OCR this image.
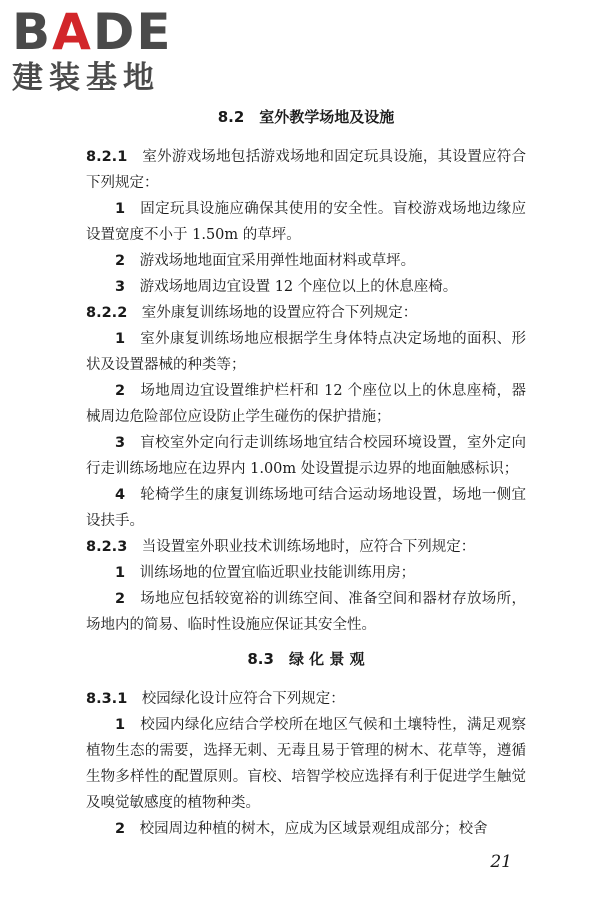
BADE
建装基地
8.2　室外教学场地及设施

8.2.1　室外游戏场地包括游戏场地和固定玩具设施，其设置应符合下列规定：

1　固定玩具设施应确保其使用的安全性。盲校游戏场地边缘应设置宽度不小于 1.50m 的草坪。

2　游戏场地地面宜采用弹性地面材料或草坪。

3　游戏场地周边宜设置 12 个座位以上的休息座椅。

8.2.2　室外康复训练场地的设置应符合下列规定：

1　室外康复训练场地应根据学生身体特点决定场地的面积、形状及设置器械的种类等；

2　场地周边宜设置维护栏杆和 12 个座位以上的休息座椅，器械周边危险部位应设防止学生碰伤的保护措施；

3　盲校室外定向行走训练场地宜结合校园环境设置，室外定向行走训练场地应在边界内 1.00m 处设置提示边界的地面触感标识；

4　轮椅学生的康复训练场地可结合运动场地设置，场地一侧宜设扶手。

8.2.3　当设置室外职业技术训练场地时，应符合下列规定：

1　训练场地的位置宜临近职业技能训练用房；

2　场地应包括较宽裕的训练空间、准备空间和器材存放场所，场地内的简易、临时性设施应保证其安全性。

8.3　绿 化 景 观

8.3.1　校园绿化设计应符合下列规定：

1　校园内绿化应结合学校所在地区气候和土壤特性，满足观察植物生态的需要，选择无刺、无毒且易于管理的树木、花草等，遵循生物多样性的配置原则。盲校、培智学校应选择有利于促进学生触觉及嗅觉敏感度的植物种类。

2　校园周边种植的树木，应成为区域景观组成部分；校舍

21
